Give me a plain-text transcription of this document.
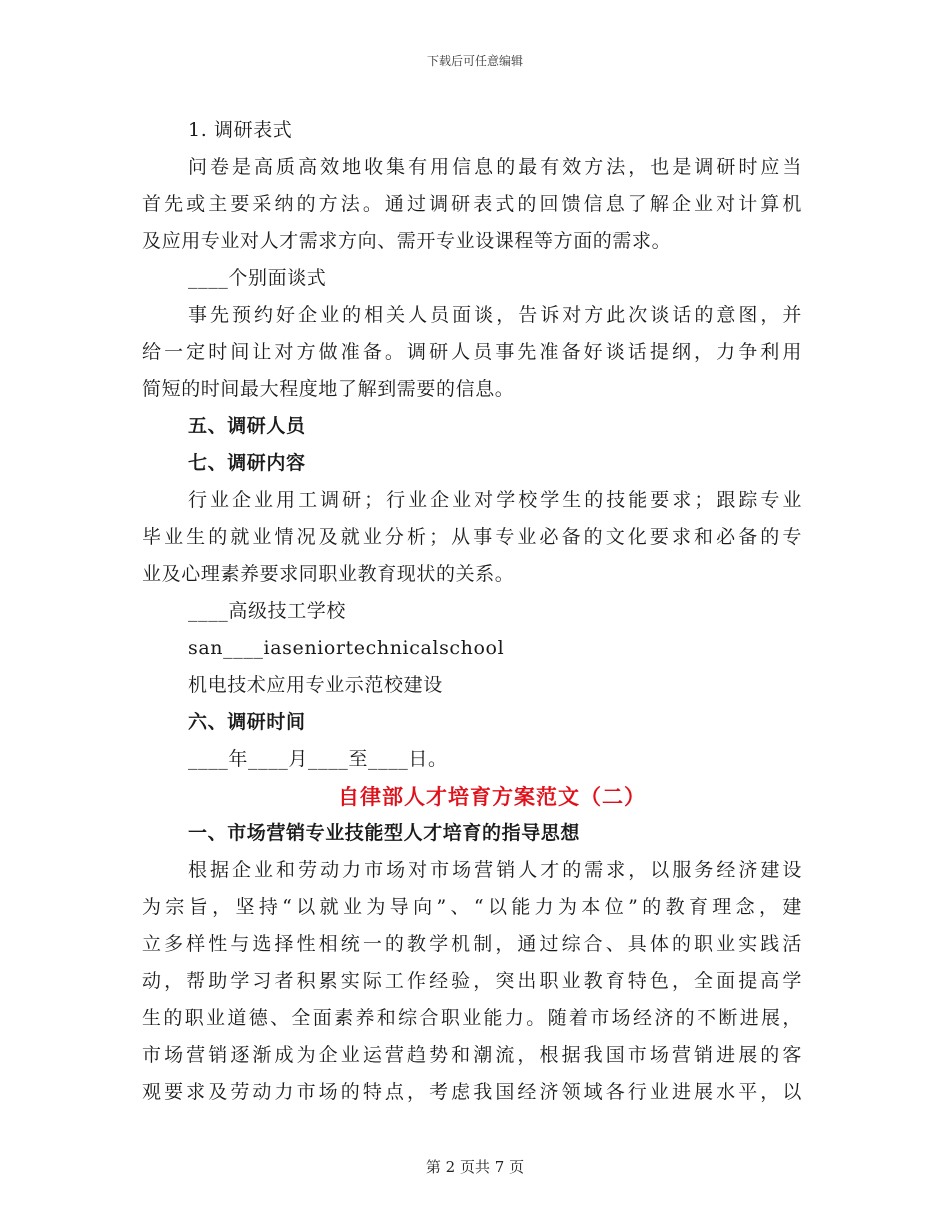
下载后可任意编辑
1. 调研表式
问卷是高质高效地收集有用信息的最有效方法，也是调研时应当
首先或主要采纳的方法。通过调研表式的回馈信息了解企业对计算机
及应用专业对人才需求方向、需开专业设课程等方面的需求。
____个别面谈式
事先预约好企业的相关人员面谈，告诉对方此次谈话的意图，并
给一定时间让对方做准备。调研人员事先准备好谈话提纲，力争利用
简短的时间最大程度地了解到需要的信息。
五、调研人员
七、调研内容
行业企业用工调研；行业企业对学校学生的技能要求；跟踪专业
毕业生的就业情况及就业分析；从事专业必备的文化要求和必备的专
业及心理素养要求同职业教育现状的关系。
____高级技工学校
san____iaseniortechnicalschool
机电技术应用专业示范校建设
六、调研时间
____年____月____至____日。
自律部人才培育方案范文（二）
一、市场营销专业技能型人才培育的指导思想
根据企业和劳动力市场对市场营销人才的需求，以服务经济建设
为宗旨，坚持“以就业为导向”、“以能力为本位”的教育理念，建
立多样性与选择性相统一的教学机制，通过综合、具体的职业实践活
动，帮助学习者积累实际工作经验，突出职业教育特色，全面提高学
生的职业道德、全面素养和综合职业能力。随着市场经济的不断进展，
市场营销逐渐成为企业运营趋势和潮流，根据我国市场营销进展的客
观要求及劳动力市场的特点，考虑我国经济领域各行业进展水平，以
第 2 页共 7 页
